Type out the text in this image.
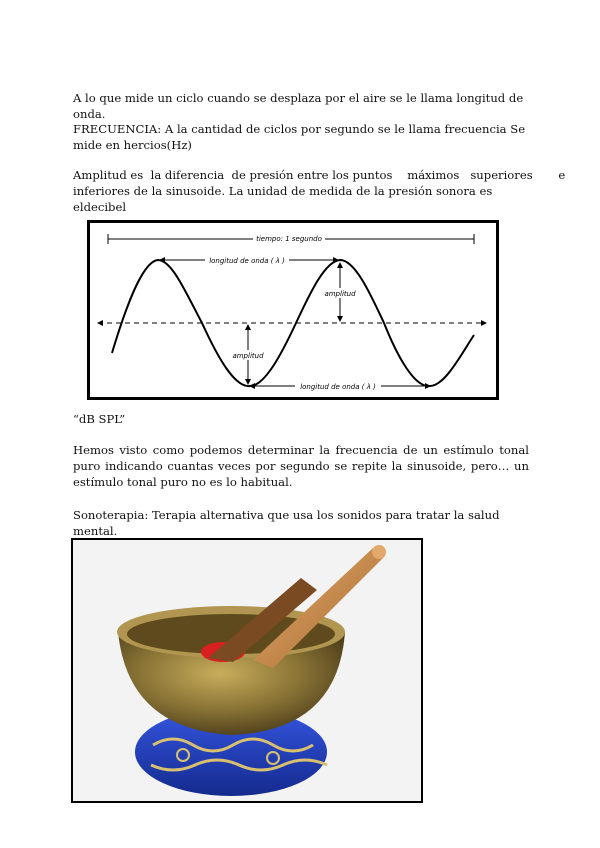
A lo que mide un ciclo cuando se desplaza por el aire se le llama longitud de onda.
FRECUENCIA: A la cantidad de ciclos por segundo se le llama frecuencia Se
mide en hercios(Hz)
Amplitud es  la diferencia  de presión entre los puntos    máximos   superiores       e
inferiores de la sinusoide. La unidad de medida de la presión sonora es eldecibel
tiempo: 1 segundo
longitud de onda ( λ )
amplitud
amplitud
longitud de onda ( λ )
“dB SPL”
Hemos visto como podemos determinar la frecuencia de un estímulo tonal puro indicando cuantas veces por segundo se repite la sinusoide, pero… un estímulo tonal puro no es lo habitual.
Sonoterapia: Terapia alternativa que usa los sonidos para tratar la salud mental.
